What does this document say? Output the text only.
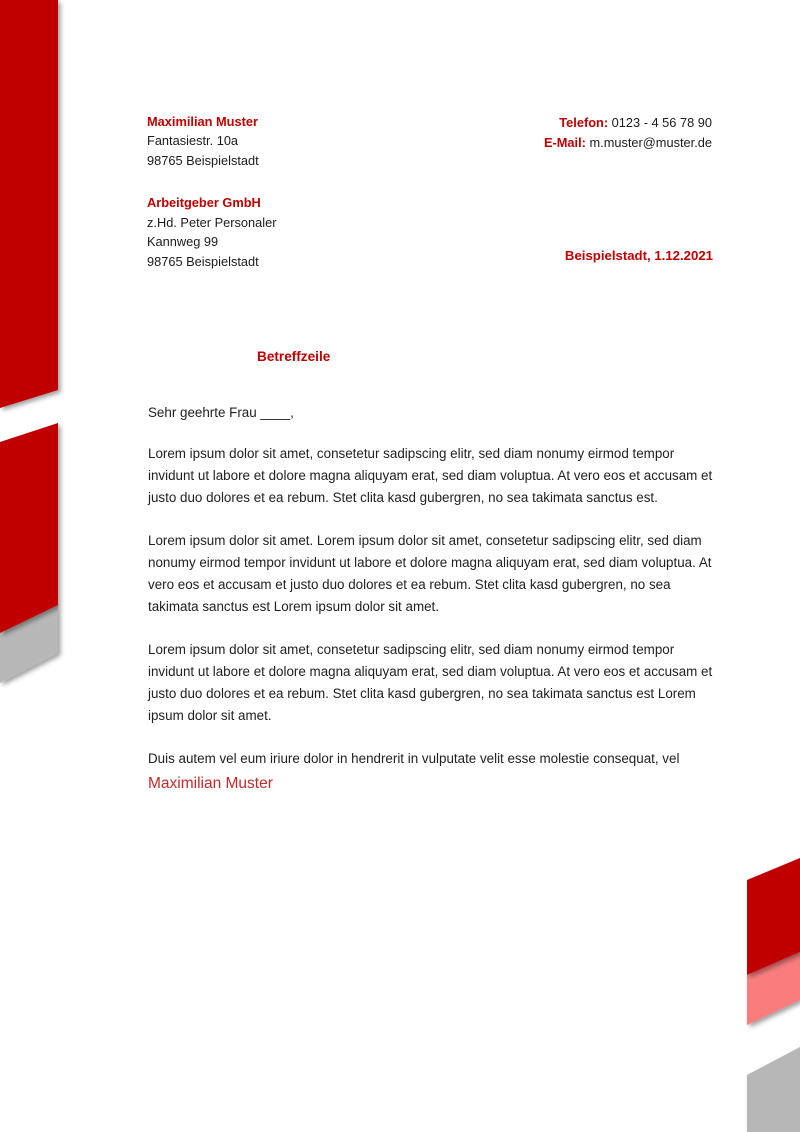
Maximilian Muster
Fantasiestr. 10a
98765 Beispielstadt
Telefon: 0123 - 4 56 78 90
E-Mail: m.muster@muster.de
Arbeitgeber GmbH
z.Hd. Peter Personaler
Kannweg 99
98765 Beispielstadt	Beispielstadt, 1.12.2021
Betreffzeile

Sehr geehrte Frau ____,

Lorem ipsum dolor sit amet, consetetur sadipscing elitr, sed diam nonumy eirmod tempor invidunt ut labore et dolore magna aliquyam erat, sed diam voluptua. At vero eos et accusam et justo duo dolores et ea rebum. Stet clita kasd gubergren, no sea takimata sanctus est.

Lorem ipsum dolor sit amet. Lorem ipsum dolor sit amet, consetetur sadipscing elitr, sed diam nonumy eirmod tempor invidunt ut labore et dolore magna aliquyam erat, sed diam voluptua. At vero eos et accusam et justo duo dolores et ea rebum. Stet clita kasd gubergren, no sea takimata sanctus est Lorem ipsum dolor sit amet.

Lorem ipsum dolor sit amet, consetetur sadipscing elitr, sed diam nonumy eirmod tempor invidunt ut labore et dolore magna aliquyam erat, sed diam voluptua. At vero eos et accusam et justo duo dolores et ea rebum. Stet clita kasd gubergren, no sea takimata sanctus est Lorem ipsum dolor sit amet.

Duis autem vel eum iriure dolor in hendrerit in vulputate velit esse molestie consequat, vel

Maximilian Muster
